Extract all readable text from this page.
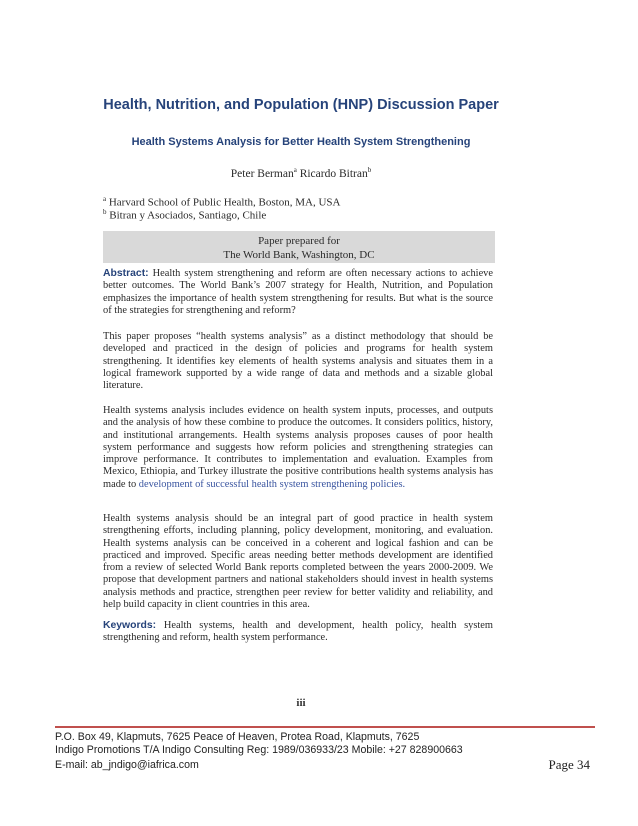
Health, Nutrition, and Population (HNP) Discussion Paper
Health Systems Analysis for Better Health System Strengthening
Peter Berman$^a$ Ricardo Bitran$^b$
$^a$ Harvard School of Public Health, Boston, MA, USA
$^b$ Bitran y Asociados, Santiago, Chile
Paper prepared for
The World Bank, Washington, DC
Abstract: Health system strengthening and reform are often necessary actions to achieve better outcomes. The World Bank’s 2007 strategy for Health, Nutrition, and Population emphasizes the importance of health system strengthening for results. But what is the source of the strategies for strengthening and reform?
This paper proposes “health systems analysis” as a distinct methodology that should be developed and practiced in the design of policies and programs for health system strengthening. It identifies key elements of health systems analysis and situates them in a logical framework supported by a wide range of data and methods and a sizable global literature.
Health systems analysis includes evidence on health system inputs, processes, and outputs and the analysis of how these combine to produce the outcomes. It considers politics, history, and institutional arrangements. Health systems analysis proposes causes of poor health system performance and suggests how reform policies and strengthening strategies can improve performance. It contributes to implementation and evaluation. Examples from Mexico, Ethiopia, and Turkey illustrate the positive contributions health systems analysis has made to development of successful health system strengthening policies.
Health systems analysis should be an integral part of good practice in health system strengthening efforts, including planning, policy development, monitoring, and evaluation. Health systems analysis can be conceived in a coherent and logical fashion and can be practiced and improved. Specific areas needing better methods development are identified from a review of selected World Bank reports completed between the years 2000-2009. We propose that development partners and national stakeholders should invest in health systems analysis methods and practice, strengthen peer review for better validity and reliability, and help build capacity in client countries in this area.
Keywords: Health systems, health and development, health policy, health system strengthening and reform, health system performance.
iii
P.O. Box 49, Klapmuts, 7625 Peace of Heaven, Protea Road, Klapmuts, 7625
Indigo Promotions T/A Indigo Consulting Reg: 1989/036933/23 Mobile: +27 828900663
E-mail: ab_jndigo@iafrica.com	Page 34
